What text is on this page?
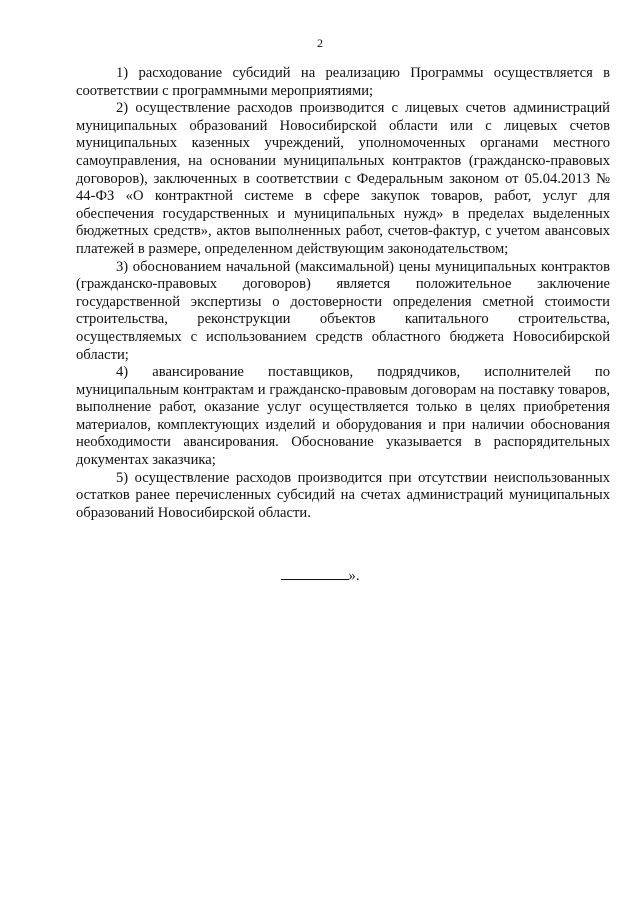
2

1) расходование субсидий на реализацию Программы осуществляется в соответствии с программными мероприятиями;

2) осуществление расходов производится с лицевых счетов администраций муниципальных образований Новосибирской области или с лицевых счетов муниципальных казенных учреждений, уполномоченных органами местного самоуправления, на основании муниципальных контрактов (гражданско-правовых договоров), заключенных в соответствии с Федеральным законом от 05.04.2013 № 44-ФЗ «О контрактной системе в сфере закупок товаров, работ, услуг для обеспечения государственных и муниципальных нужд» в пределах выделенных бюджетных средств», актов выполненных работ, счетов-фактур, с учетом авансовых платежей в размере, определенном действующим законодательством;

3) обоснованием начальной (максимальной) цены муниципальных контрактов (гражданско-правовых договоров) является положительное заключение государственной экспертизы о достоверности определения сметной стоимости строительства, реконструкции объектов капитального строительства, осуществляемых с использованием средств областного бюджета Новосибирской области;

4) авансирование поставщиков, подрядчиков, исполнителей по муниципальным контрактам и гражданско-правовым договорам на поставку товаров, выполнение работ, оказание услуг осуществляется только в целях приобретения материалов, комплектующих изделий и оборудования и при наличии обоснования необходимости авансирования. Обоснование указывается в распорядительных документах заказчика;

5) осуществление расходов производится при отсутствии неиспользованных остатков ранее перечисленных субсидий на счетах администраций муниципальных образований Новосибирской области.

».
